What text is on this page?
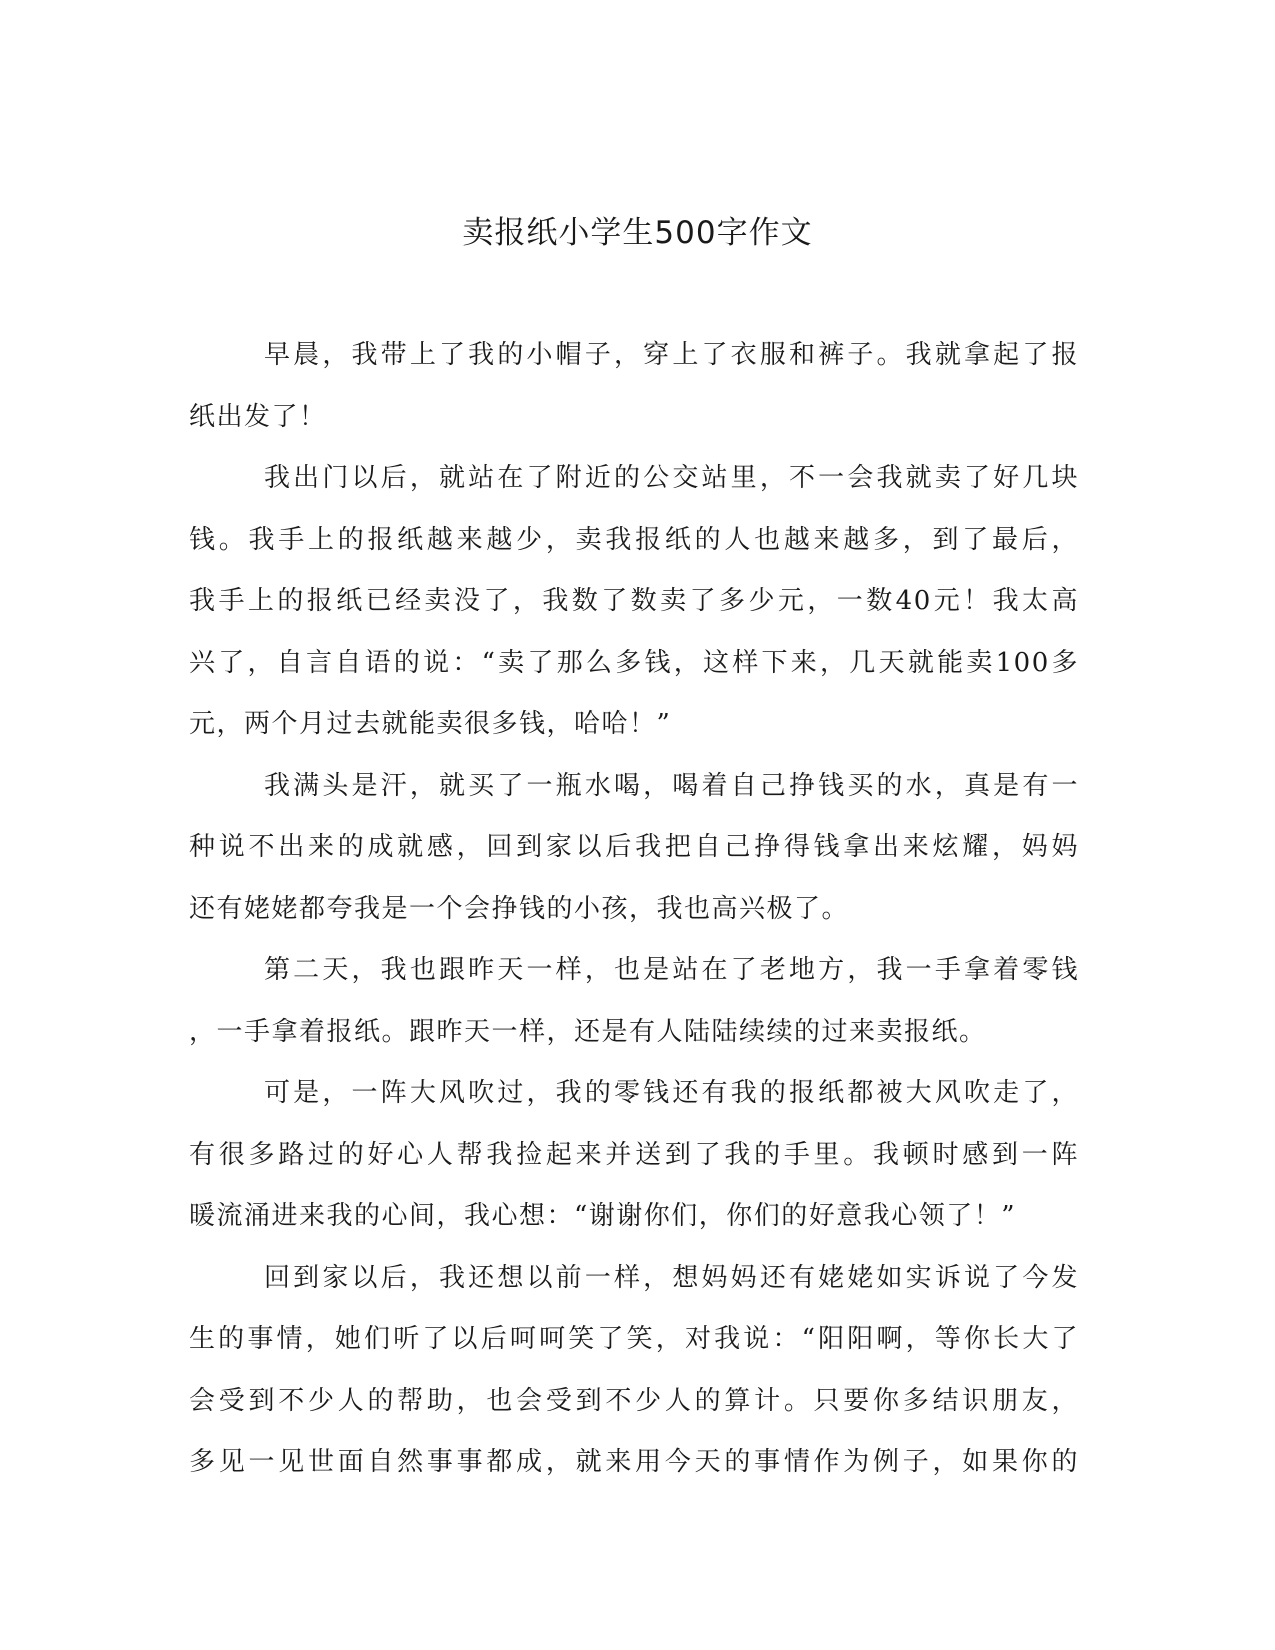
卖报纸小学生500字作文
早晨，我带上了我的小帽子，穿上了衣服和裤子。我就拿起了报
纸出发了！
我出门以后，就站在了附近的公交站里，不一会我就卖了好几块
钱。我手上的报纸越来越少，卖我报纸的人也越来越多，到了最后，
我手上的报纸已经卖没了，我数了数卖了多少元，一数40元！我太高
兴了，自言自语的说：“卖了那么多钱，这样下来，几天就能卖100多
元，两个月过去就能卖很多钱，哈哈！”
我满头是汗，就买了一瓶水喝，喝着自己挣钱买的水，真是有一
种说不出来的成就感，回到家以后我把自己挣得钱拿出来炫耀，妈妈
还有姥姥都夸我是一个会挣钱的小孩，我也高兴极了。
第二天，我也跟昨天一样，也是站在了老地方，我一手拿着零钱
，一手拿着报纸。跟昨天一样，还是有人陆陆续续的过来卖报纸。
可是，一阵大风吹过，我的零钱还有我的报纸都被大风吹走了，
有很多路过的好心人帮我捡起来并送到了我的手里。我顿时感到一阵
暖流涌进来我的心间，我心想：“谢谢你们，你们的好意我心领了！”
回到家以后，我还想以前一样，想妈妈还有姥姥如实诉说了今发
生的事情，她们听了以后呵呵笑了笑，对我说：“阳阳啊，等你长大了
会受到不少人的帮助，也会受到不少人的算计。只要你多结识朋友，
多见一见世面自然事事都成，就来用今天的事情作为例子，如果你的
